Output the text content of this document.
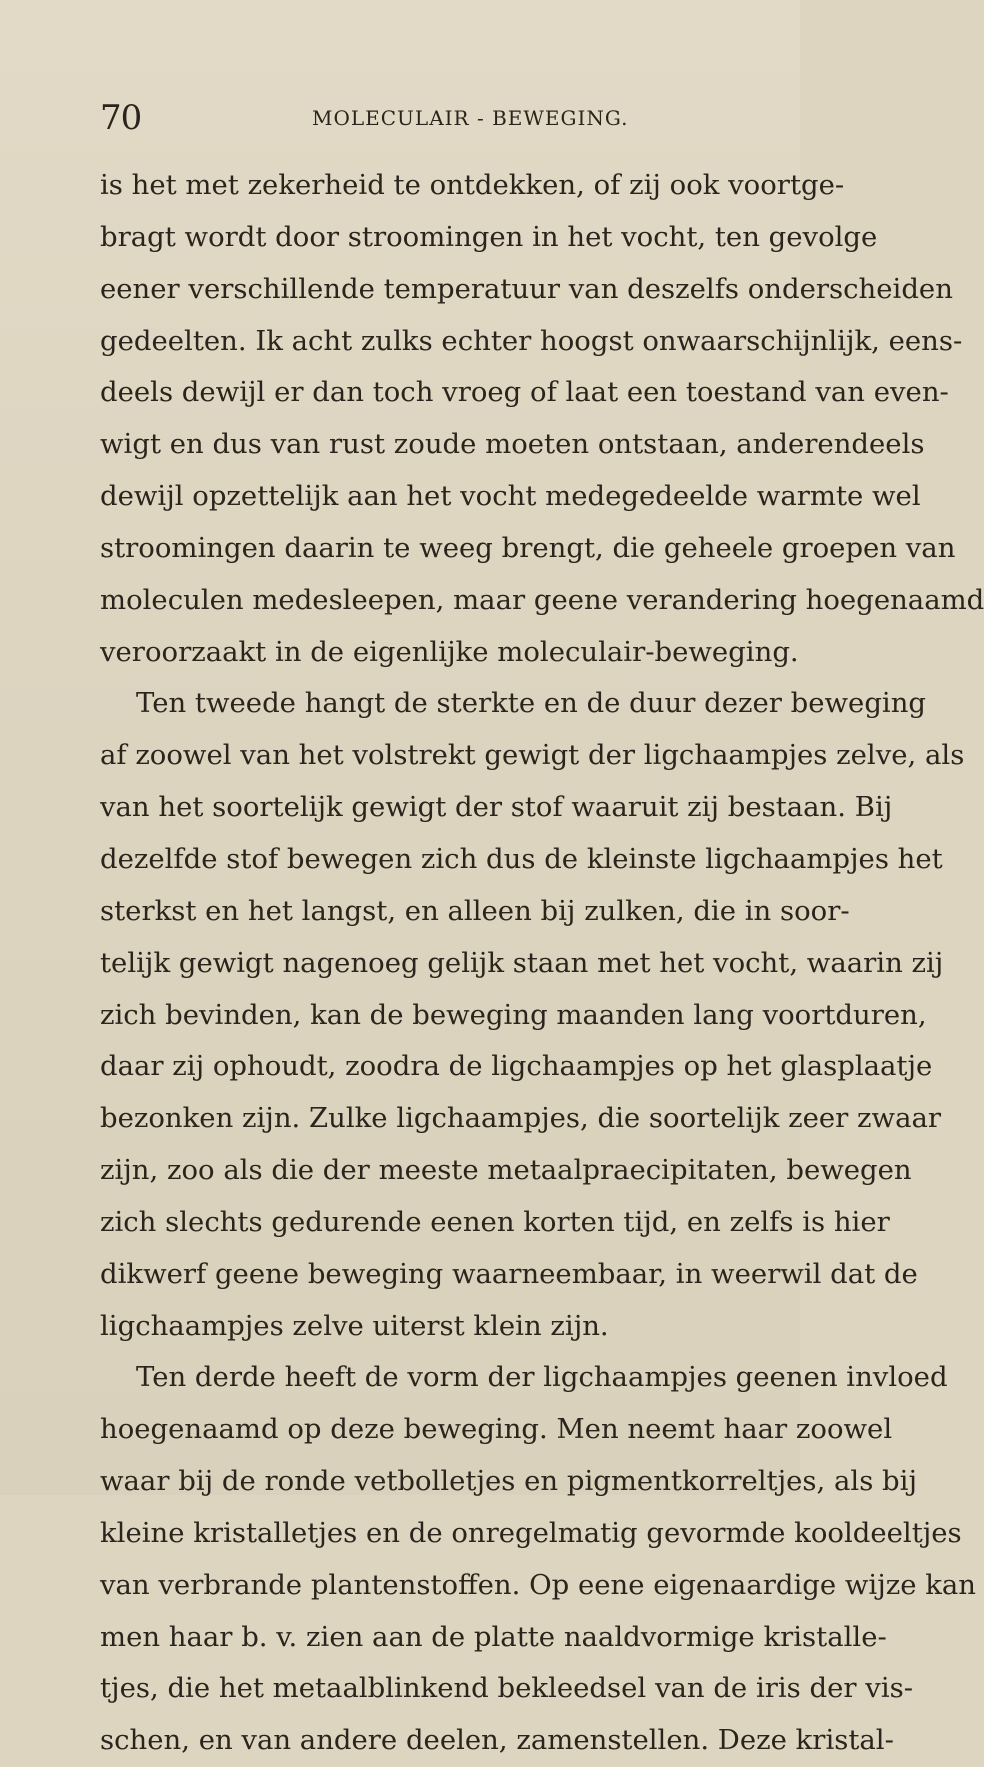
70	MOLECULAIR - BEWEGING.
is het met zekerheid te ontdekken, of zij ook voortge-
bragt wordt door stroomingen in het vocht, ten gevolge
eener verschillende temperatuur van deszelfs onderscheiden
gedeelten. Ik acht zulks echter hoogst onwaarschijnlijk, eens-
deels dewijl er dan toch vroeg of laat een toestand van even-
wigt en dus van rust zoude moeten ontstaan, anderendeels
dewijl opzettelijk aan het vocht medegedeelde warmte wel
stroomingen daarin te weeg brengt, die geheele groepen van
moleculen medesleepen, maar geene verandering hoegenaamd
veroorzaakt in de eigenlijke moleculair-beweging.
Ten tweede hangt de sterkte en de duur dezer beweging
af zoowel van het volstrekt gewigt der ligchaampjes zelve, als
van het soortelijk gewigt der stof waaruit zij bestaan. Bij
dezelfde stof bewegen zich dus de kleinste ligchaampjes het
sterkst en het langst, en alleen bij zulken, die in soor-
telijk gewigt nagenoeg gelijk staan met het vocht, waarin zij
zich bevinden, kan de beweging maanden lang voortduren,
daar zij ophoudt, zoodra de ligchaampjes op het glasplaatje
bezonken zijn. Zulke ligchaampjes, die soortelijk zeer zwaar
zijn, zoo als die der meeste metaalpraecipitaten, bewegen
zich slechts gedurende eenen korten tijd, en zelfs is hier
dikwerf geene beweging waarneembaar, in weerwil dat de
ligchaampjes zelve uiterst klein zijn.
Ten derde heeft de vorm der ligchaampjes geenen invloed
hoegenaamd op deze beweging. Men neemt haar zoowel
waar bij de ronde vetbolletjes en pigmentkorreltjes, als bij
kleine kristalletjes en de onregelmatig gevormde kooldeeltjes
van verbrande plantenstoffen. Op eene eigenaardige wijze kan
men haar b. v. zien aan de platte naaldvormige kristalle-
tjes, die het metaalblinkend bekleedsel van de iris der vis-
schen, en van andere deelen, zamenstellen. Deze kristal-
